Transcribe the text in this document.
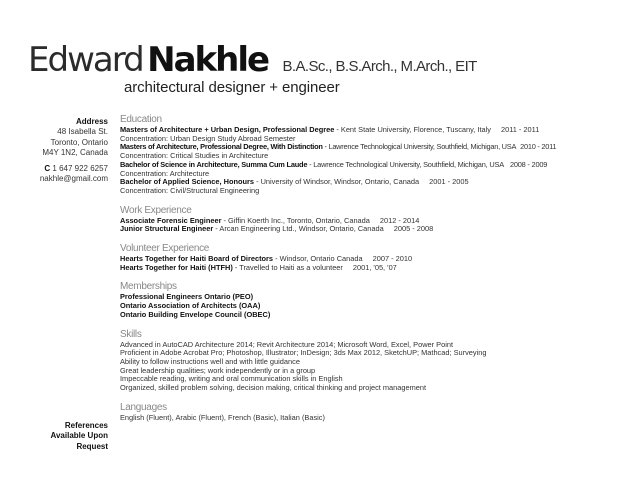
Edward Nakhle B.A.Sc., B.S.Arch., M.Arch., EIT
architectural designer + engineer
Address
48 Isabella St.
Toronto, Ontario
M4Y 1N2, Canada
C 1 647 922 6257
nakhle@gmail.com
References
Available Upon
Request
Education
Masters of Architecture + Urban Design, Professional Degree - Kent State University, Florence, Tuscany, Italy 2011 - 2011
Concentration: Urban Design Study Abroad Semester
Masters of Architecture, Professional Degree, With Distinction - Lawrence Technological University, Southfield, Michigan, USA 2010 - 2011
Concentration: Critical Studies in Architecture
Bachelor of Science in Architecture, Summa Cum Laude - Lawrence Technological University, Southfield, Michigan, USA 2008 - 2009
Concentration: Architecture
Bachelor of Applied Science, Honours - University of Windsor, Windsor, Ontario, Canada 2001 - 2005
Concentration: Civil/Structural Engineering
Work Experience
Associate Forensic Engineer - Giffin Koerth Inc., Toronto, Ontario, Canada 2012 - 2014
Junior Structural Engineer - Arcan Engineering Ltd., Windsor, Ontario, Canada 2005 - 2008
Volunteer Experience
Hearts Together for Haiti Board of Directors - Windsor, Ontario Canada 2007 - 2010
Hearts Together for Haiti (HTFH) - Travelled to Haiti as a volunteer 2001, '05, '07
Memberships
Professional Engineers Ontario (PEO)
Ontario Association of Architects (OAA)
Ontario Building Envelope Council (OBEC)
Skills
Advanced in AutoCAD Architecture 2014; Revit Architecture 2014; Microsoft Word, Excel, Power Point
Proficient in Adobe Acrobat Pro; Photoshop, Illustrator; InDesign; 3ds Max 2012, SketchUP; Mathcad; Surveying
Ability to follow instructions well and with little guidance
Great leadership qualities; work independently or in a group
Impeccable reading, writing and oral communication skills in English
Organized, skilled problem solving, decision making, critical thinking and project management
Languages
English (Fluent), Arabic (Fluent), French (Basic), Italian (Basic)
